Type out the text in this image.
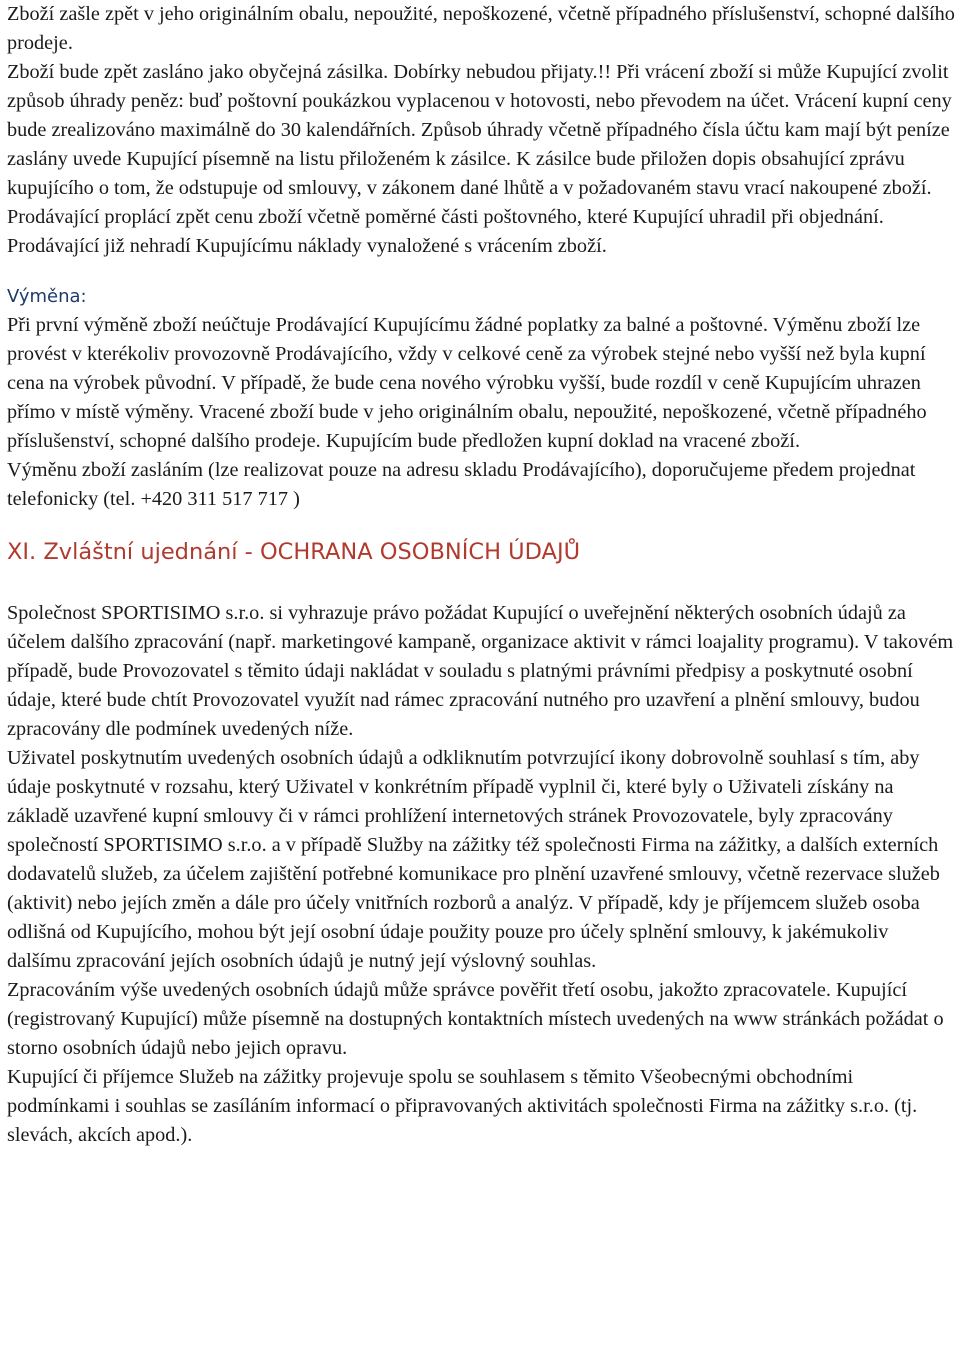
Zboží zašle zpět v jeho originálním obalu, nepoužité, nepoškozené, včetně případného příslušenství, schopné dalšího prodeje.

Zboží bude zpět zasláno jako obyčejná zásilka. Dobírky nebudou přijaty.!! Při vrácení zboží si může Kupující zvolit způsob úhrady peněz: buď poštovní poukázkou vyplacenou v hotovosti, nebo převodem na účet. Vrácení kupní ceny bude zrealizováno maximálně do 30 kalendářních. Způsob úhrady včetně případného čísla účtu kam mají být peníze zaslány uvede Kupující písemně na listu přiloženém k zásilce. K zásilce bude přiložen dopis obsahující zprávu kupujícího o tom, že odstupuje od smlouvy, v zákonem dané lhůtě a v požadovaném stavu vrací nakoupené zboží.

Prodávající proplácí zpět cenu zboží včetně poměrné části poštovného, které Kupující uhradil při objednání. Prodávající již nehradí Kupujícímu náklady vynaložené s vrácením zboží.

Výměna:

Při první výměně zboží neúčtuje Prodávající Kupujícímu žádné poplatky za balné a poštovné. Výměnu zboží lze provést v kterékoliv provozovně Prodávajícího, vždy v celkové ceně za výrobek stejné nebo vyšší než byla kupní cena na výrobek původní. V případě, že bude cena nového výrobku vyšší, bude rozdíl v ceně Kupujícím uhrazen přímo v místě výměny. Vracené zboží bude v jeho originálním obalu, nepoužité, nepoškozené, včetně případného příslušenství, schopné dalšího prodeje. Kupujícím bude předložen kupní doklad na vracené zboží.

Výměnu zboží zasláním (lze realizovat pouze na adresu skladu Prodávajícího), doporučujeme předem projednat telefonicky (tel. +420 311 517 717 )

XI. Zvláštní ujednání - OCHRANA OSOBNÍCH ÚDAJŮ

Společnost SPORTISIMO s.r.o. si vyhrazuje právo požádat Kupující o uveřejnění některých osobních údajů za účelem dalšího zpracování (např. marketingové kampaně, organizace aktivit v rámci loajality programu). V takovém případě, bude Provozovatel s těmito údaji nakládat v souladu s platnými právními předpisy a poskytnuté osobní údaje, které bude chtít Provozovatel využít nad rámec zpracování nutného pro uzavření a plnění smlouvy, budou zpracovány dle podmínek uvedených níže.

Uživatel poskytnutím uvedených osobních údajů a odkliknutím potvrzující ikony dobrovolně souhlasí s tím, aby údaje poskytnuté v rozsahu, který Uživatel v konkrétním případě vyplnil či, které byly o Uživateli získány na základě uzavřené kupní smlouvy či v rámci prohlížení internetových stránek Provozovatele, byly zpracovány společností SPORTISIMO s.r.o. a v případě Služby na zážitky též společnosti Firma na zážitky, a dalších externích dodavatelů služeb, za účelem zajištění potřebné komunikace pro plnění uzavřené smlouvy, včetně rezervace služeb (aktivit) nebo jejích změn a dále pro účely vnitřních rozborů a analýz. V případě, kdy je příjemcem služeb osoba odlišná od Kupujícího, mohou být její osobní údaje použity pouze pro účely splnění smlouvy, k jakémukoliv dalšímu zpracování jejích osobních údajů je nutný její výslovný souhlas.

Zpracováním výše uvedených osobních údajů může správce pověřit třetí osobu, jakožto zpracovatele. Kupující (registrovaný Kupující) může písemně na dostupných kontaktních místech uvedených na www stránkách požádat o storno osobních údajů nebo jejich opravu.

Kupující či příjemce Služeb na zážitky projevuje spolu se souhlasem s těmito Všeobecnými obchodními podmínkami i souhlas se zasíláním informací o připravovaných aktivitách společnosti Firma na zážitky s.r.o. (tj. slevách, akcích apod.).
